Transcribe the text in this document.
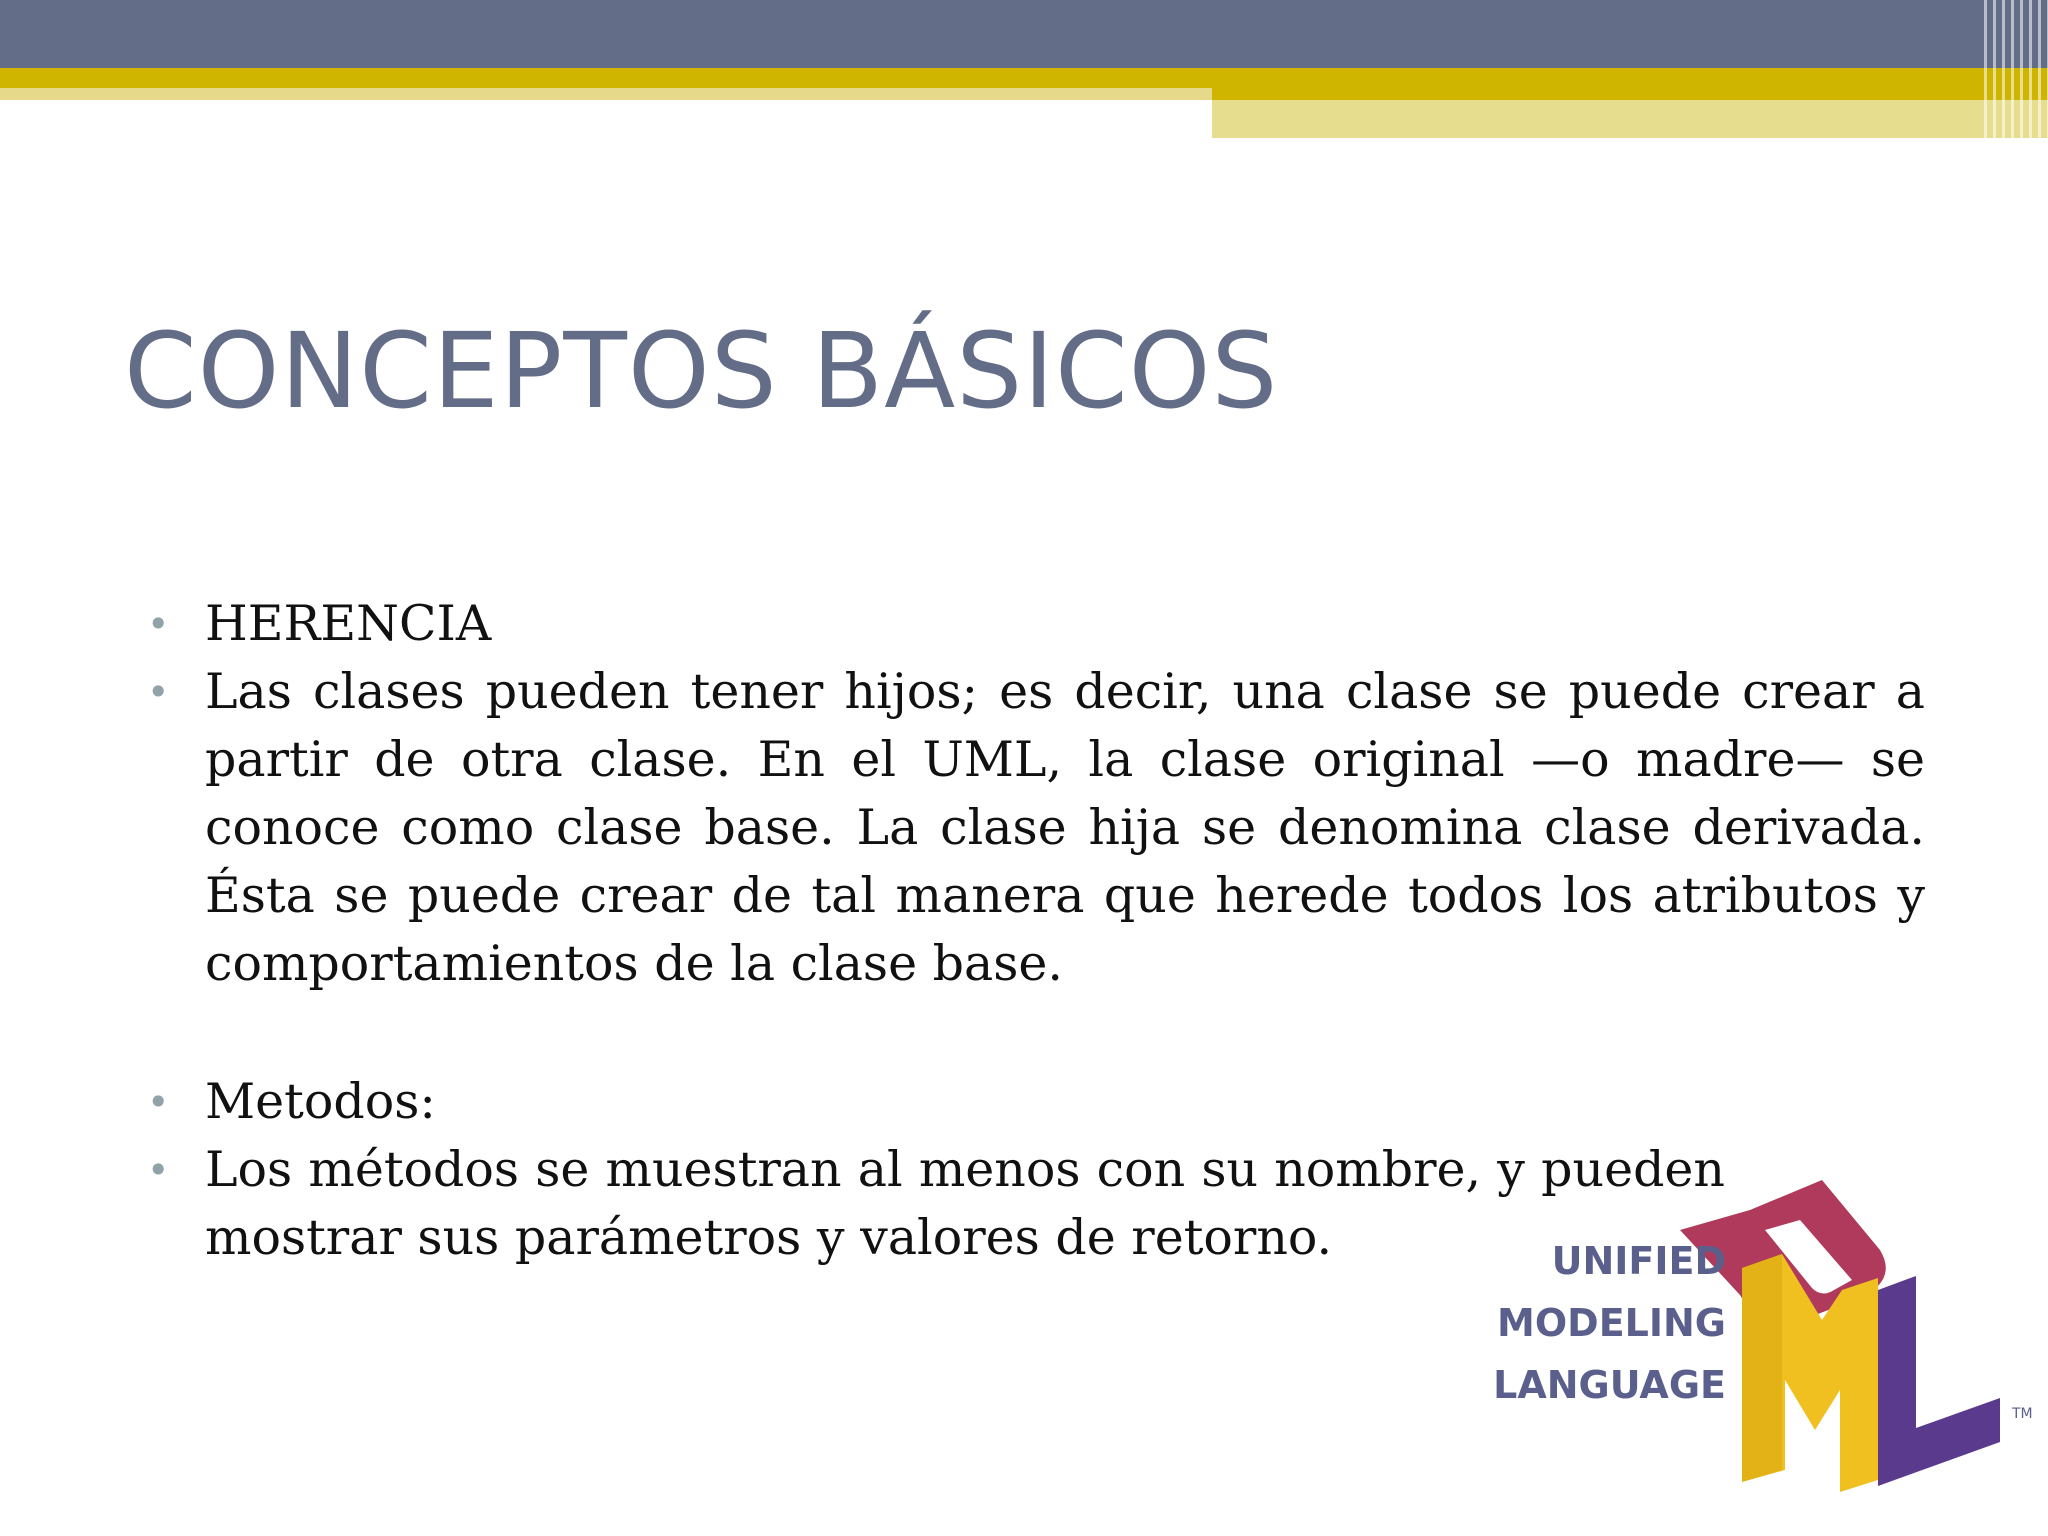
CONCEPTOS BÁSICOS
• HERENCIA
• Las clases pueden tener hijos; es decir, una clase se puede crear a partir de otra clase. En el UML, la clase original —o madre— se conoce como clase base. La clase hija se denomina clase derivada. Ésta se puede crear de tal manera que herede todos los atributos y comportamientos de la clase base.
• Metodos:
• Los métodos se muestran al menos con su nombre, y pueden mostrar sus parámetros y valores de retorno.	UNIFIED
MODELING
LANGUAGE
TM
